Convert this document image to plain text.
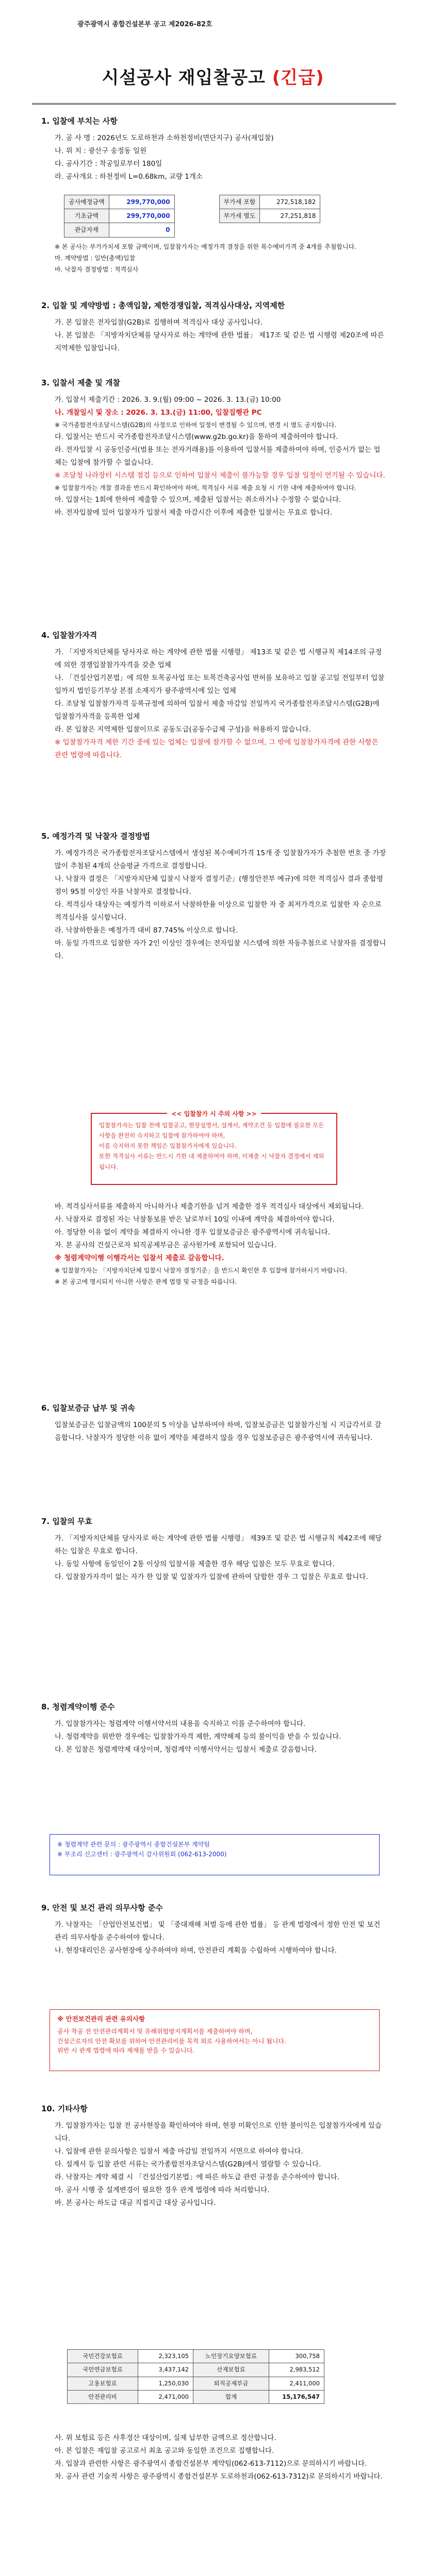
광주광역시 종합건설본부 공고 제2026-82호
시설공사 재입찰공고 (긴급)
1. 입찰에 부치는 사항
가. 공 사 명 : 2026년도 도로하천과 소하천정비(면단지구) 공사(재입찰)
나. 위 치 : 광산구 송정동 일원
다. 공사기간 : 착공일로부터 180일
라. 공사개요 : 하천정비 L=0.68km, 교량 1개소
공사예정금액	299,770,000		부가세 포함	272,518,182
기초금액	299,770,000		부가세 별도	27,251,818
관급자재	0			
※ 본 공사는 부가가치세 포함 금액이며, 입찰참가자는 예정가격 결정을 위한 복수예비가격 중 4개를 추첨합니다.
마. 계약방법 : 일반(총액)입찰
바. 낙찰자 결정방법 : 적격심사
2. 입찰 및 계약방법 : 총액입찰, 제한경쟁입찰, 적격심사대상, 지역제한
가. 본 입찰은 전자입찰(G2B)로 집행하며 적격심사 대상 공사입니다.
나. 본 입찰은 「지방자치단체를 당사자로 하는 계약에 관한 법률」 제17조 및 같은 법 시행령 제20조에 따른 지역제한 입찰입니다.
3. 입찰서 제출 및 개찰
가. 입찰서 제출기간 : 2026. 3. 9.(월) 09:00 ~ 2026. 3. 13.(금) 10:00
나. 개찰일시 및 장소 : 2026. 3. 13.(금) 11:00, 입찰집행관 PC
※ 국가종합전자조달시스템(G2B)의 사정으로 인하여 일정이 변경될 수 있으며, 변경 시 별도 공지합니다.
다. 입찰서는 반드시 국가종합전자조달시스템(www.g2b.go.kr)을 통하여 제출하여야 합니다.
라. 전자입찰 시 공동인증서(범용 또는 전자거래용)를 이용하여 입찰서를 제출하여야 하며, 인증서가 없는 업체는 입찰에 참가할 수 없습니다.
※ 조달청 나라장터 시스템 점검 등으로 인하여 입찰서 제출이 불가능할 경우 입찰 일정이 연기될 수 있습니다.
※ 입찰참가자는 개찰 결과를 반드시 확인하여야 하며, 적격심사 서류 제출 요청 시 기한 내에 제출하여야 합니다.
마. 입찰서는 1회에 한하여 제출할 수 있으며, 제출된 입찰서는 취소하거나 수정할 수 없습니다.
바. 전자입찰에 있어 입찰자가 입찰서 제출 마감시간 이후에 제출한 입찰서는 무효로 합니다.
4. 입찰참가자격
가. 「지방자치단체를 당사자로 하는 계약에 관한 법률 시행령」 제13조 및 같은 법 시행규칙 제14조의 규정에 의한 경쟁입찰참가자격을 갖춘 업체
나. 「건설산업기본법」에 의한 토목공사업 또는 토목건축공사업 면허를 보유하고 입찰 공고일 전일부터 입찰일까지 법인등기부상 본점 소재지가 광주광역시에 있는 업체
다. 조달청 입찰참가자격 등록규정에 의하여 입찰서 제출 마감일 전일까지 국가종합전자조달시스템(G2B)에 입찰참가자격을 등록한 업체
라. 본 입찰은 지역제한 입찰이므로 공동도급(공동수급체 구성)을 허용하지 않습니다.
※ 입찰참가자격 제한 기간 중에 있는 업체는 입찰에 참가할 수 없으며, 그 밖에 입찰참가자격에 관한 사항은 관련 법령에 따릅니다.
5. 예정가격 및 낙찰자 결정방법
가. 예정가격은 국가종합전자조달시스템에서 생성된 복수예비가격 15개 중 입찰참가자가 추첨한 번호 중 가장 많이 추첨된 4개의 산술평균 가격으로 결정합니다.
나. 낙찰자 결정은 「지방자치단체 입찰시 낙찰자 결정기준」(행정안전부 예규)에 의한 적격심사 결과 종합평점이 95점 이상인 자를 낙찰자로 결정합니다.
다. 적격심사 대상자는 예정가격 이하로서 낙찰하한율 이상으로 입찰한 자 중 최저가격으로 입찰한 자 순으로 적격심사를 실시합니다.
라. 낙찰하한율은 예정가격 대비 87.745% 이상으로 합니다.
마. 동일 가격으로 입찰한 자가 2인 이상인 경우에는 전자입찰 시스템에 의한 자동추첨으로 낙찰자를 결정합니다.
<< 입찰참가 시 주의 사항 >>
입찰참가자는 입찰 전에 입찰공고, 현장설명서, 설계서, 계약조건 등 입찰에 필요한 모든 사항을 완전히 숙지하고 입찰에 참가하여야 하며,
이를 숙지하지 못한 책임은 입찰참가자에게 있습니다.
또한 적격심사 서류는 반드시 기한 내 제출하여야 하며, 미제출 시 낙찰자 결정에서 제외됩니다.
바. 적격심사서류를 제출하지 아니하거나 제출기한을 넘겨 제출한 경우 적격심사 대상에서 제외됩니다.
사. 낙찰자로 결정된 자는 낙찰통보를 받은 날로부터 10일 이내에 계약을 체결하여야 합니다.
아. 정당한 이유 없이 계약을 체결하지 아니한 경우 입찰보증금은 광주광역시에 귀속됩니다.
자. 본 공사의 건설근로자 퇴직공제부금은 공사원가에 포함되어 있습니다.
※ 청렴계약이행 이행각서는 입찰서 제출로 갈음합니다.
※ 입찰참가자는 「지방자치단체 입찰시 낙찰자 결정기준」을 반드시 확인한 후 입찰에 참가하시기 바랍니다.
※ 본 공고에 명시되지 아니한 사항은 관계 법령 및 규정을 따릅니다.
6. 입찰보증금 납부 및 귀속
입찰보증금은 입찰금액의 100분의 5 이상을 납부하여야 하며, 입찰보증금은 입찰참가신청 시 지급각서로 갈음합니다. 낙찰자가 정당한 이유 없이 계약을 체결하지 않을 경우 입찰보증금은 광주광역시에 귀속됩니다.
7. 입찰의 무효
가. 「지방자치단체를 당사자로 하는 계약에 관한 법률 시행령」 제39조 및 같은 법 시행규칙 제42조에 해당하는 입찰은 무효로 합니다.
나. 동일 사항에 동일인이 2통 이상의 입찰서를 제출한 경우 해당 입찰은 모두 무효로 합니다.
다. 입찰참가자격이 없는 자가 한 입찰 및 입찰자가 입찰에 관하여 담합한 경우 그 입찰은 무효로 합니다.
8. 청렴계약이행 준수
가. 입찰참가자는 청렴계약 이행서약서의 내용을 숙지하고 이를 준수하여야 합니다.
나. 청렴계약을 위반한 경우에는 입찰참가자격 제한, 계약해제 등의 불이익을 받을 수 있습니다.
다. 본 입찰은 청렴계약제 대상이며, 청렴계약 이행서약서는 입찰서 제출로 갈음합니다.
※ 청렴계약 관련 문의 : 광주광역시 종합건설본부 계약팀
※ 부조리 신고센터 : 광주광역시 감사위원회 (062-613-2000)
9. 안전 및 보건 관리 의무사항 준수
가. 낙찰자는 「산업안전보건법」 및 「중대재해 처벌 등에 관한 법률」 등 관계 법령에서 정한 안전 및 보건 관리 의무사항을 준수하여야 합니다.
나. 현장대리인은 공사현장에 상주하여야 하며, 안전관리 계획을 수립하여 시행하여야 합니다.
※ 안전보건관리 관련 유의사항
공사 착공 전 안전관리계획서 및 유해위험방지계획서를 제출하여야 하며,
건설근로자의 안전 확보를 위하여 안전관리비를 목적 외로 사용하여서는 아니 됩니다.
위반 시 관계 법령에 따라 제재를 받을 수 있습니다.
10. 기타사항
가. 입찰참가자는 입찰 전 공사현장을 확인하여야 하며, 현장 미확인으로 인한 불이익은 입찰참가자에게 있습니다.
나. 입찰에 관한 문의사항은 입찰서 제출 마감일 전일까지 서면으로 하여야 합니다.
다. 설계서 등 입찰 관련 서류는 국가종합전자조달시스템(G2B)에서 열람할 수 있습니다.
라. 낙찰자는 계약 체결 시 「건설산업기본법」에 따른 하도급 관련 규정을 준수하여야 합니다.
마. 공사 시행 중 설계변경이 필요한 경우 관계 법령에 따라 처리합니다.
바. 본 공사는 하도급 대금 직접지급 대상 공사입니다.
국민건강보험료	2,323,105	노인장기요양보험료	300,758
국민연금보험료	3,437,142	산재보험료	2,983,512
고용보험료	1,250,030	퇴직공제부금	2,411,000
안전관리비	2,471,000	합계	15,176,547
사. 위 보험료 등은 사후정산 대상이며, 실제 납부한 금액으로 정산합니다.
아. 본 입찰은 재입찰 공고로서 최초 공고와 동일한 조건으로 집행합니다.
자. 입찰과 관련한 사항은 광주광역시 종합건설본부 계약팀(062-613-7112)으로 문의하시기 바랍니다.
차. 공사 관련 기술적 사항은 광주광역시 종합건설본부 도로하천과(062-613-7312)로 문의하시기 바랍니다.
